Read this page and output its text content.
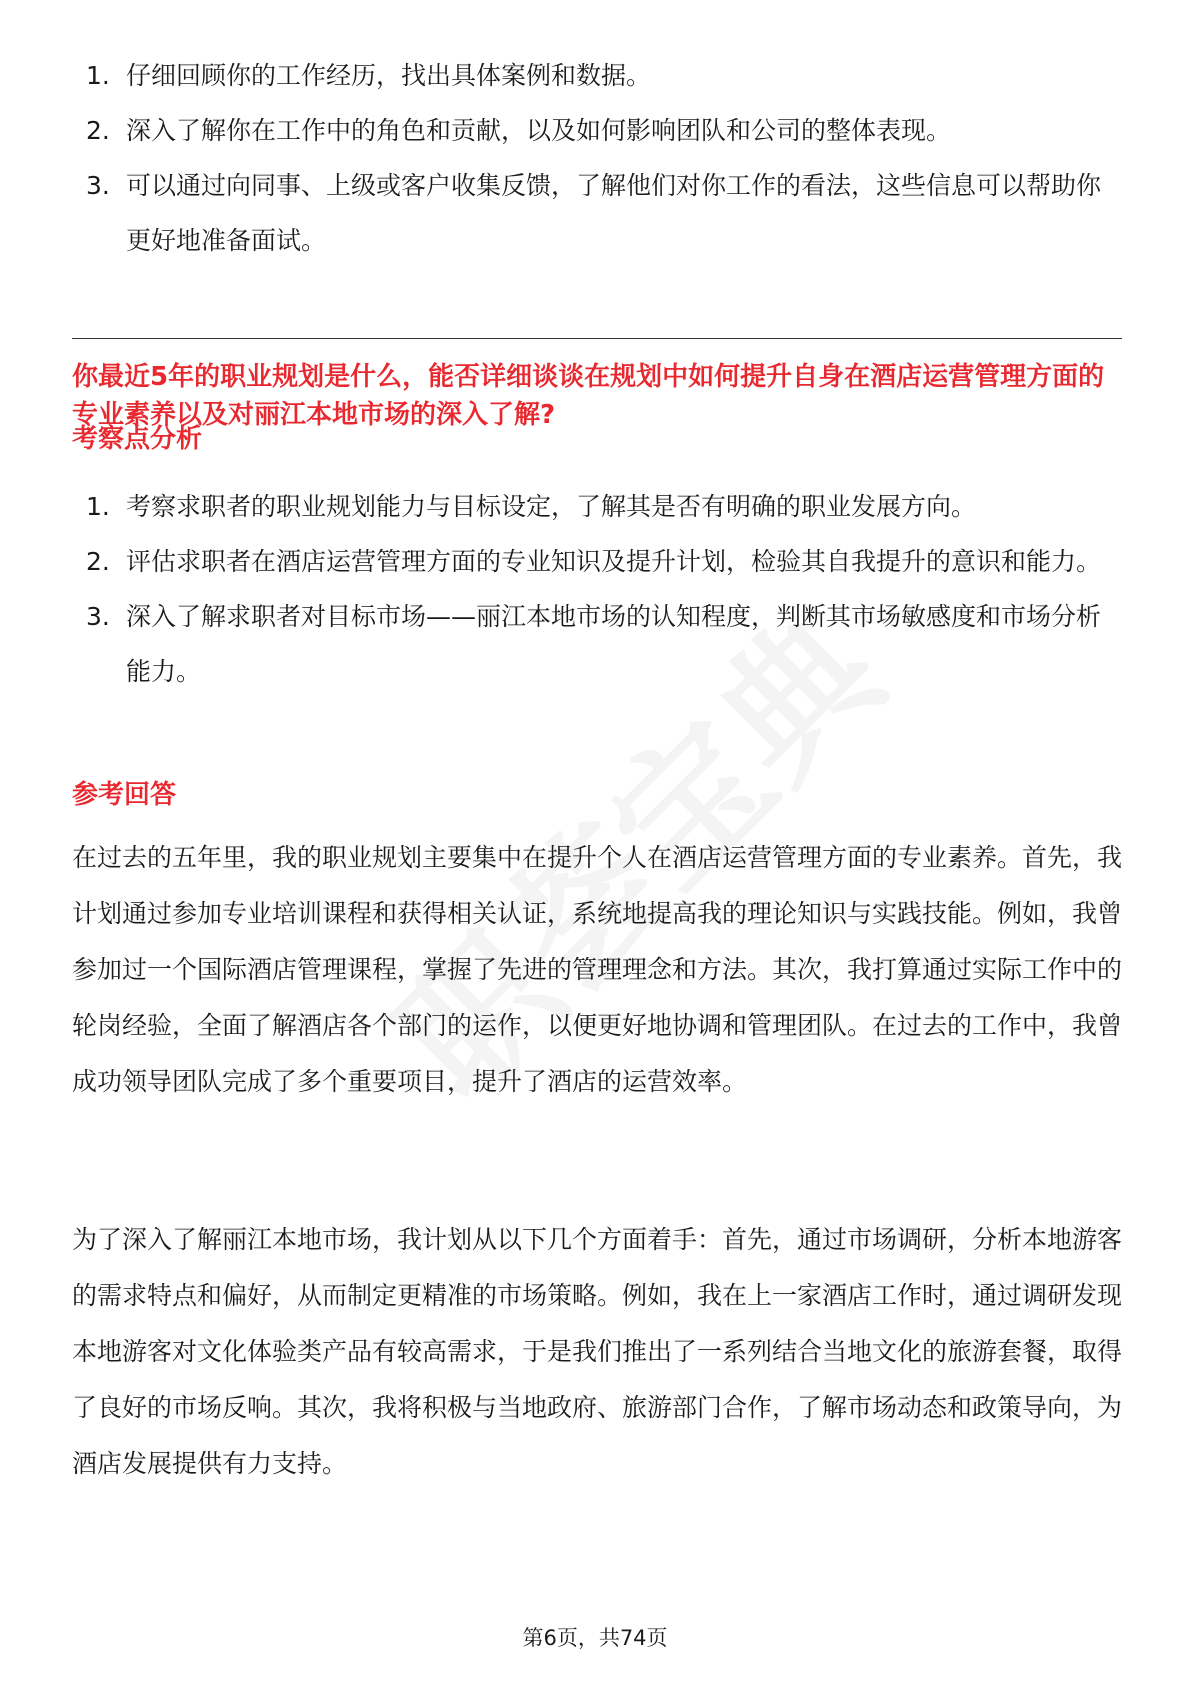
1. 仔细回顾你的工作经历，找出具体案例和数据。
2. 深入了解你在工作中的角色和贡献，以及如何影响团队和公司的整体表现。
3. 可以通过向同事、上级或客户收集反馈，了解他们对你工作的看法，这些信息可以帮助你更好地准备面试。

你最近5年的职业规划是什么，能否详细谈谈在规划中如何提升自身在酒店运营管理方面的专业素养以及对丽江本地市场的深入了解?

考察点分析
1. 考察求职者的职业规划能力与目标设定，了解其是否有明确的职业发展方向。
2. 评估求职者在酒店运营管理方面的专业知识及提升计划，检验其自我提升的意识和能力。
3. 深入了解求职者对目标市场——丽江本地市场的认知程度，判断其市场敏感度和市场分析能力。
参考回答

在过去的五年里，我的职业规划主要集中在提升个人在酒店运营管理方面的专业素养。首先，我计划通过参加专业培训课程和获得相关认证，系统地提高我的理论知识与实践技能。例如，我曾参加过一个国际酒店管理课程，掌握了先进的管理理念和方法。其次，我打算通过实际工作中的轮岗经验，全面了解酒店各个部门的运作，以便更好地协调和管理团队。在过去的工作中，我曾成功领导团队完成了多个重要项目，提升了酒店的运营效率。

为了深入了解丽江本地市场，我计划从以下几个方面着手：首先，通过市场调研，分析本地游客的需求特点和偏好，从而制定更精准的市场策略。例如，我在上一家酒店工作时，通过调研发现本地游客对文化体验类产品有较高需求，于是我们推出了一系列结合当地文化的旅游套餐，取得了良好的市场反响。其次，我将积极与当地政府、旅游部门合作，了解市场动态和政策导向，为酒店发展提供有力支持。

第6页，共74页
